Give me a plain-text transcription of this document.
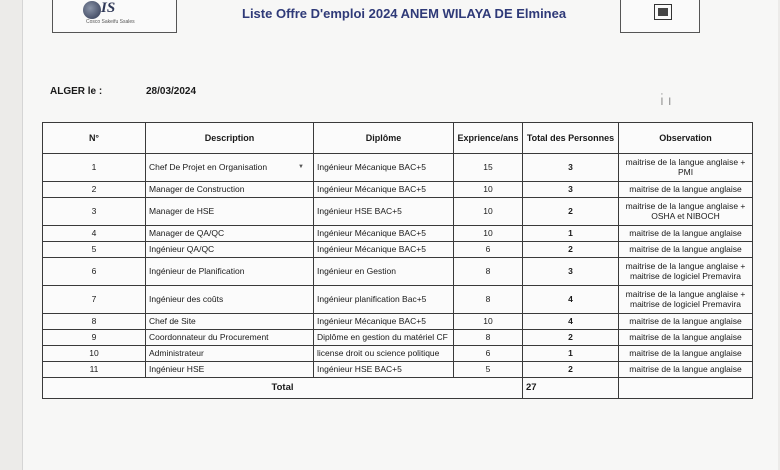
IS
Cosco Sakeifu Ssales
Liste Offre D'emploi 2024 ANEM WILAYA DE Elminea
ALGER le :	28/03/2024
ı̇ ı
N°	Description	Diplôme	Exprience/ans	Total des Personnes	Observation
1	Chef De Projet en Organisation ▼	Ingénieur Mécanique BAC+5	15	3	maitrise de la langue anglaise + PMI
2	Manager de Construction	Ingénieur Mécanique BAC+5	10	3	maitrise de la langue anglaise
3	Manager de HSE	Ingénieur HSE BAC+5	10	2	maitrise de la langue anglaise + OSHA et NIBOCH
4	Manager de QA/QC	Ingénieur Mécanique BAC+5	10	1	maitrise de la langue anglaise
5	Ingénieur QA/QC	Ingénieur Mécanique BAC+5	6	2	maitrise de la langue anglaise
6	Ingénieur de Planification	Ingénieur en Gestion	8	3	maitrise de la langue anglaise + maitrise de logiciel Premavira
7	Ingénieur des coûts	Ingénieur planification Bac+5	8	4	maitrise de la langue anglaise + maitrise de logiciel Premavira
8	Chef de Site	Ingénieur Mécanique BAC+5	10	4	maitrise de la langue anglaise
9	Coordonnateur du Procurement	Diplôme en gestion du matériel CF	8	2	maitrise de la langue anglaise
10	Administrateur	license droit ou science politique	6	1	maitrise de la langue anglaise
11	Ingénieur HSE	Ingénieur HSE BAC+5	5	2	maitrise de la langue anglaise
Total				27	
